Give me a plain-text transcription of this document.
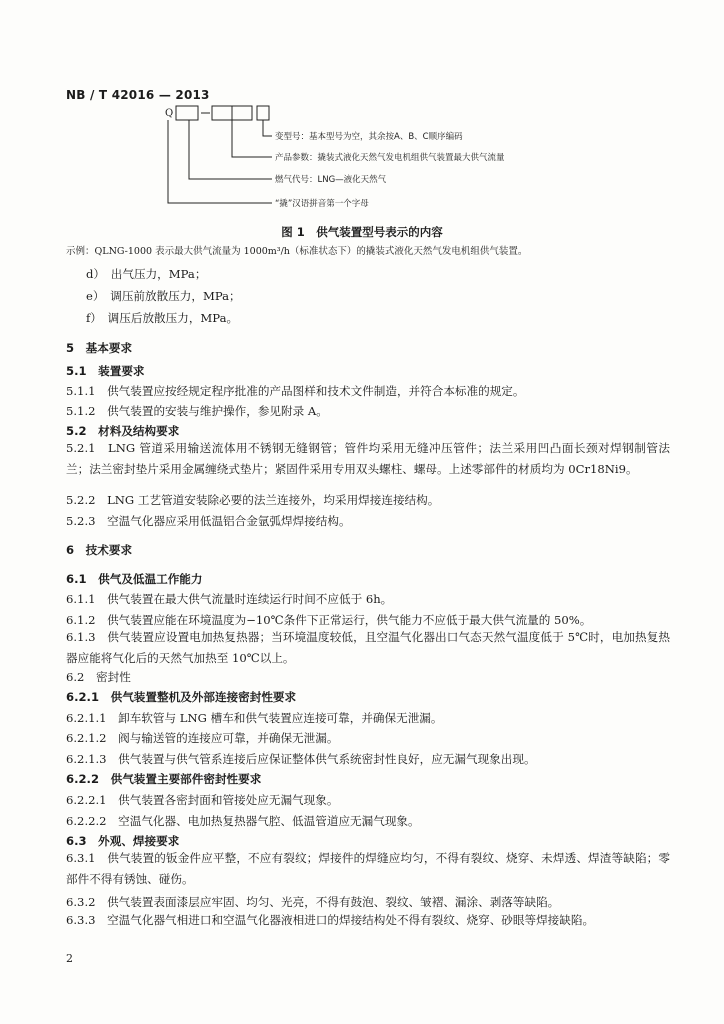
NB / T 42016 — 2013
Q
变型号：基本型号为空，其余按A、B、C顺序编码
产品参数：撬装式液化天然气发电机组供气装置最大供气流量
燃气代号：LNG—液化天然气
“撬”汉语拼音第一个字母
图 1　供气装置型号表示的内容
示例：QLNG-1000 表示最大供气流量为 1000m³/h（标准状态下）的撬装式液化天然气发电机组供气装置。
d）　出气压力，MPa；
e）　调压前放散压力，MPa；
f）　调压后放散压力，MPa。
5　基本要求
5.1　装置要求
5.1.1　供气装置应按经规定程序批准的产品图样和技术文件制造，并符合本标准的规定。
5.1.2　供气装置的安装与维护操作，参见附录 A。
5.2　材料及结构要求
5.2.1　LNG 管道采用输送流体用不锈钢无缝钢管；管件均采用无缝冲压管件；法兰采用凹凸面长颈对焊钢制管法兰；法兰密封垫片采用金属缠绕式垫片；紧固件采用专用双头螺柱、螺母。上述零部件的材质均为 0Cr18Ni9。
5.2.2　LNG 工艺管道安装除必要的法兰连接外，均采用焊接连接结构。
5.2.3　空温气化器应采用低温铝合金氩弧焊焊接结构。
6　技术要求
6.1　供气及低温工作能力
6.1.1　供气装置在最大供气流量时连续运行时间不应低于 6h。
6.1.2　供气装置应能在环境温度为−10℃条件下正常运行，供气能力不应低于最大供气流量的 50%。
6.1.3　供气装置应设置电加热复热器；当环境温度较低，且空温气化器出口气态天然气温度低于 5℃时，电加热复热器应能将气化后的天然气加热至 10℃以上。
6.2　密封性
6.2.1　供气装置整机及外部连接密封性要求
6.2.1.1　卸车软管与 LNG 槽车和供气装置应连接可靠，并确保无泄漏。
6.2.1.2　阀与输送管的连接应可靠，并确保无泄漏。
6.2.1.3　供气装置与供气管系连接后应保证整体供气系统密封性良好，应无漏气现象出现。
6.2.2　供气装置主要部件密封性要求
6.2.2.1　供气装置各密封面和管接处应无漏气现象。
6.2.2.2　空温气化器、电加热复热器气腔、低温管道应无漏气现象。
6.3　外观、焊接要求
6.3.1　供气装置的钣金件应平整，不应有裂纹；焊接件的焊缝应均匀，不得有裂纹、烧穿、未焊透、焊渣等缺陷；零部件不得有锈蚀、碰伤。
6.3.2　供气装置表面漆层应牢固、均匀、光亮，不得有鼓泡、裂纹、皱褶、漏涂、剥落等缺陷。
6.3.3　空温气化器气相进口和空温气化器液相进口的焊接结构处不得有裂纹、烧穿、砂眼等焊接缺陷。
2
